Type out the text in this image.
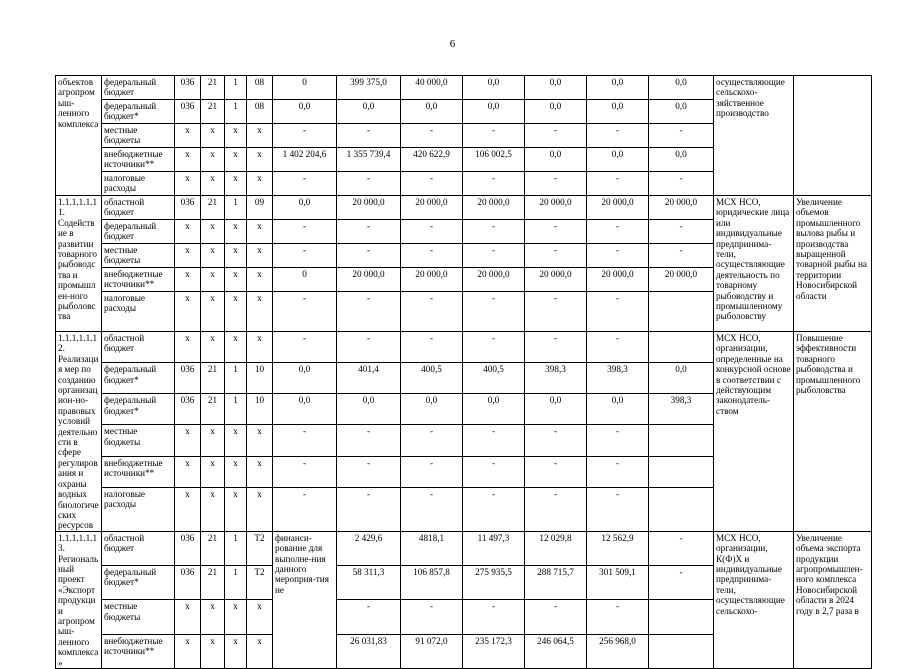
6
объектов агропромыш-ленного комплекса	федеральный бюджет	036	21	1	08	0	399 375,0	40 000,0	0,0	0,0	0,0	0,0	осуществляющие сельскохо-зяйственное производство	
	федеральный бюджет*	036	21	1	08	0,0	0,0	0,0	0,0	0,0	0,0	0,0		
	местные бюджеты	x	x	x	x	-	-	-	-	-	-	-		
	внебюджетные источники**	x	x	x	x	1 402 204,6	1 355 739,4	420 622,9	106 002,5	0,0	0,0	0,0		
	налоговые расходы	x	x	x	x	-	-	-	-	-	-	-		
1.1.1.1.1.11. Содействие в развитии товарного рыбоводства и промышлен-ного рыболовства	областной бюджет	036	21	1	09	0,0	20 000,0	20 000,0	20 000,0	20 000,0	20 000,0	20 000,0	МСХ НСО, юридические лица или индивидуальные предпринима-тели, осуществляющие деятельность по товарному рыбоводству и промышленному рыболовству	Увеличение объемов промышленного вылова рыбы и производства выращенной товарной рыбы на территории Новосибирской области
	федеральный бюджет	x	x	x	x	-	-	-	-	-	-	-		
	местные бюджеты	x	x	x	x	-	-	-	-	-	-	-		
	внебюджетные источники**	x	x	x	x	0	20 000,0	20 000,0	20 000,0	20 000,0	20 000,0	20 000,0		
	налоговые расходы	x	x	x	x	-	-	-	-	-	-			
1.1.1.1.1.12. Реализация мер по созданию организацион-но-правовых условий деятельности в сфере регулирования и охраны водных биологических ресурсов	областной бюджет	x	x	x	x	-	-	-	-	-	-		МСХ НСО, организации, определенные на конкурсной основе в соответствии с действующим законодатель-ством	Повышение эффективности товарного рыбоводства и промышленного рыболовства
	федеральный бюджет*	036	21	1	10	0,0	401,4	400,5	400,5	398,3	398,3	0,0		
	федеральный бюджет*	036	21	1	10	0,0	0,0	0,0	0,0	0,0	0,0	398,3		
	местные бюджеты	x	x	x	x	-	-	-	-	-	-			
	внебюджетные источники**	x	x	x	x	-	-	-	-	-	-			
	налоговые расходы	x	x	x	x	-	-	-	-	-	-			
1.1.1.1.1.13. Региональный проект «Экспорт продукции агропромыш-ленного комплекса»	областной бюджет	036	21	1	T2	финанси-рование для выполне-ния данного мероприя-тия не	2 429,6	4818,1	11 497,3	12 029,8	12 562,9	-	МСХ НСО, организации, К(Ф)Х и индивидуальные предпринима-тели, осуществляющие сельскохо-	Увеличение объема экспорта продукции агропромышлен-ного комплекса Новосибирской области в 2024 году в 2,7 раза в
	федеральный бюджет*	036	21	1	T2		58 311,3	106 857,8	275 935,5	288 715,7	301 509,1	-		
	местные бюджеты	x	x	x	x		-	-	-	-	-			
	внебюджетные источники**	x	x	x	x		26 031,83	91 072,0	235 172,3	246 064,5	256 968,0			
